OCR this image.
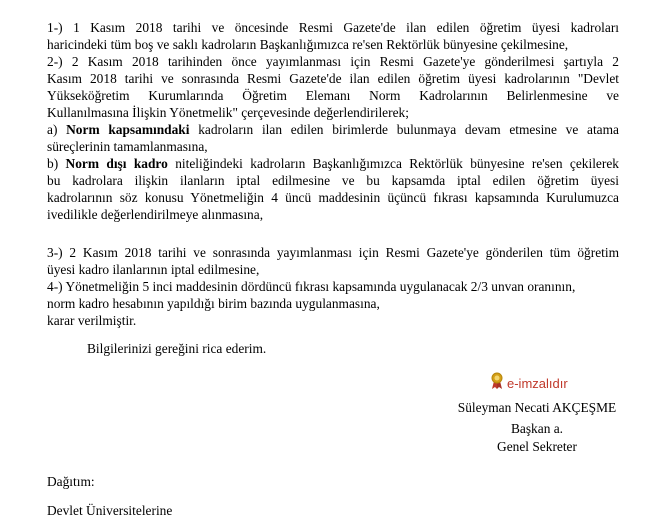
1-) 1 Kasım 2018 tarihi ve öncesinde Resmi Gazete'de ilan edilen öğretim üyesi kadroları
haricindeki tüm boş ve saklı kadroların Başkanlığımızca re'sen Rektörlük bünyesine çekilmesine,
2-) 2 Kasım 2018 tarihinden önce yayımlanması için Resmi Gazete'ye gönderilmesi şartıyla 2
Kasım 2018 tarihi ve sonrasında Resmi Gazete'de ilan edilen öğretim üyesi kadrolarının "Devlet
Yükseköğretim Kurumlarında Öğretim Elemanı Norm Kadrolarının Belirlenmesine ve
Kullanılmasına İlişkin Yönetmelik" çerçevesinde değerlendirilerek;
a) Norm kapsamındaki kadroların ilan edilen birimlerde bulunmaya devam etmesine ve atama
süreçlerinin tamamlanmasına,
b) Norm dışı kadro niteliğindeki kadroların Başkanlığımızca Rektörlük bünyesine re'sen çekilerek
bu kadrolara ilişkin ilanların iptal edilmesine ve bu kapsamda iptal edilen öğretim üyesi
kadrolarının söz konusu Yönetmeliğin 4 üncü maddesinin üçüncü fıkrası kapsamında Kurulumuzca
ivedilikle değerlendirilmeye alınmasına,
3-) 2 Kasım 2018 tarihi ve sonrasında yayımlanması için Resmi Gazete'ye gönderilen tüm öğretim
üyesi kadro ilanlarının iptal edilmesine,
4-) Yönetmeliğin 5 inci maddesinin dördüncü fıkrası kapsamında uygulanacak 2/3 unvan oranının,
norm kadro hesabının yapıldığı birim bazında uygulanmasına,
karar verilmiştir.
Bilgilerinizi gereğini rica ederim.
e-imzalıdır
Süleyman Necati AKÇEŞME
Başkan a.
Genel Sekreter
Dağıtım:
Devlet Üniversitelerine
